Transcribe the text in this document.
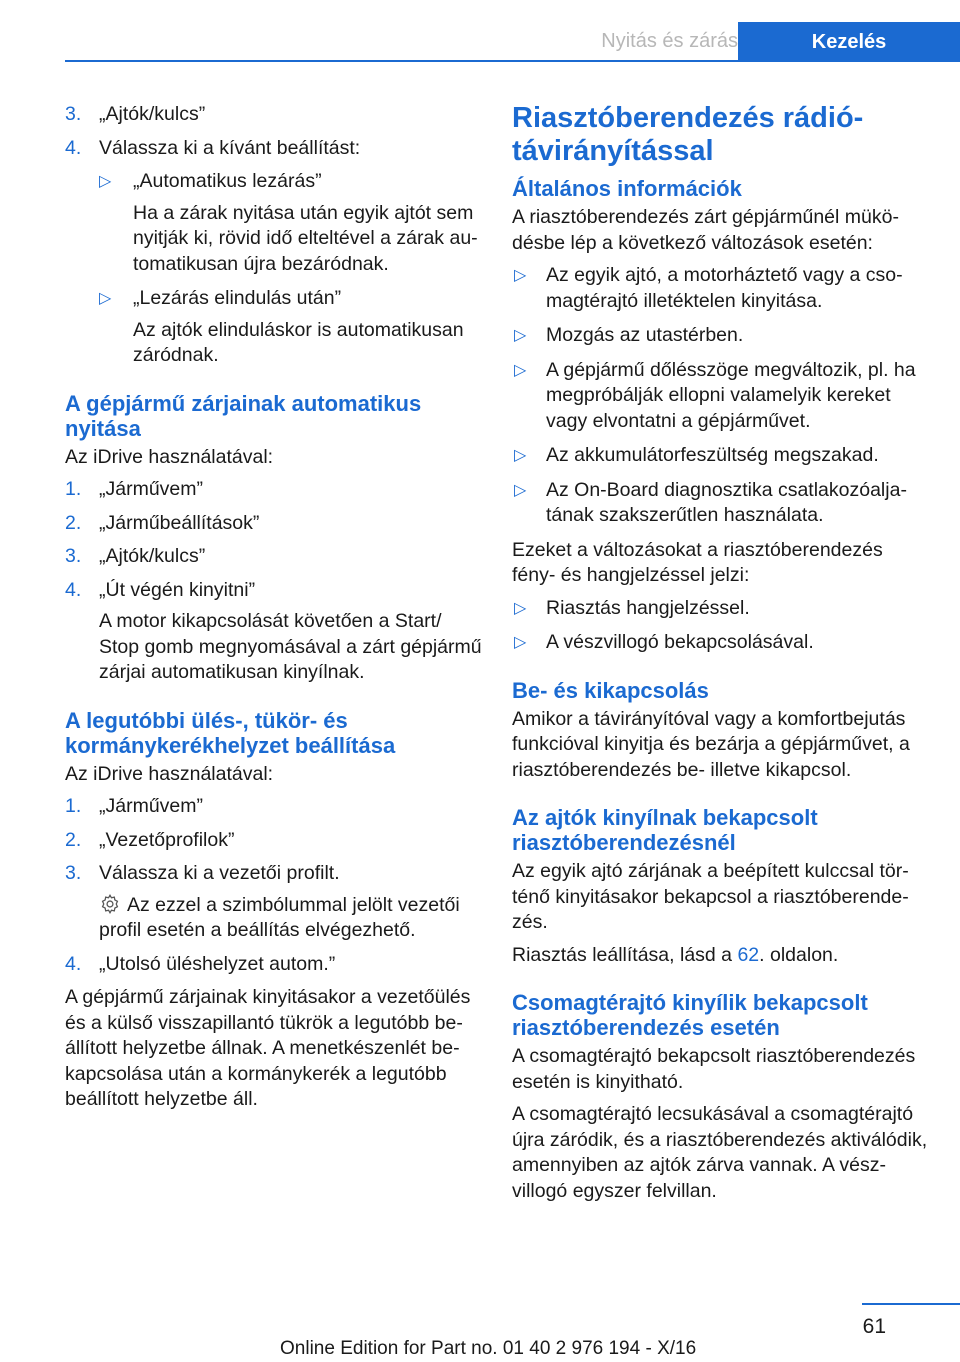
Nyitás és zárás	Kezelés
3. „Ajtók/kulcs”
4. Válassza ki a kívánt beállítást:
▷ „Automatikus lezárás”
Ha a zárak nyitása után egyik ajtót sem nyitják ki, rövid idő elteltével a zárak automatikusan újra bezáródnak.
▷ „Lezárás elindulás után”
Az ajtók elinduláskor is automatikusan záródnak.
A gépjármű zárjainak automatikus nyitása

Az iDrive használatával:

1. „Járművem”
2. „Járműbeállítások”
3. „Ajtók/kulcs”
4. „Út végén kinyitni”
A motor kikapcsolását követően a Start/ Stop gomb megnyomásával a zárt gépjármű zárjai automatikusan kinyílnak.
A legutóbbi ülés-, tükör- és kormánykerékhelyzet beállítása

Az iDrive használatával:

1. „Járművem”
2. „Vezetőprofilok”
3. Válassza ki a vezetői profilt.
Az ezzel a szimbólummal jelölt vezetői profil esetén a beállítás elvégezhető.
4. „Utolsó üléshelyzet autom.”

A gépjármű zárjainak kinyitásakor a vezetőülés és a külső visszapillantó tükrök a legutóbb beállított helyzetbe állnak. A menetkészenlét bekapcsolása után a kormánykerék a legutóbb beállított helyzetbe áll.

Riasztóberendezés rádiótávirányítással
Általános információk

A riasztóberendezés zárt gépjárműnél müködésbe lép a következő változások esetén:

▷ Az egyik ajtó, a motorháztető vagy a csomagtérajtó illetéktelen kinyitása.
▷ Mozgás az utastérben.
▷ A gépjármű dőlésszöge megváltozik, pl. ha megpróbálják ellopni valamelyik kereket vagy elvontatni a gépjárművet.
▷ Az akkumulátorfeszültség megszakad.
▷ Az On-Board diagnosztika csatlakozóaljatának szakszerűtlen használata.

Ezeket a változásokat a riasztóberendezés fény- és hangjelzéssel jelzi:

▷ Riasztás hangjelzéssel.
▷ A vészvillogó bekapcsolásával.
Be- és kikapcsolás

Amikor a távirányítóval vagy a komfortbejutás funkcióval kinyitja és bezárja a gépjárművet, a riasztóberendezés be- illetve kikapcsol.

Az ajtók kinyílnak bekapcsolt riasztóberendezésnél

Az egyik ajtó zárjának a beépített kulccsal történő kinyitásakor bekapcsol a riasztóberendezés.

Riasztás leállítása, lásd a 62. oldalon.

Csomagtérajtó kinyílik bekapcsolt riasztóberendezés esetén

A csomagtérajtó bekapcsolt riasztóberendezés esetén is kinyitható.

A csomagtérajtó lecsukásával a csomagtérajtó újra záródik, és a riasztóberendezés aktiválódik, amennyiben az ajtók zárva vannak. A vészvillogó egyszer felvillan.

61
Online Edition for Part no. 01 40 2 976 194 - X/16
